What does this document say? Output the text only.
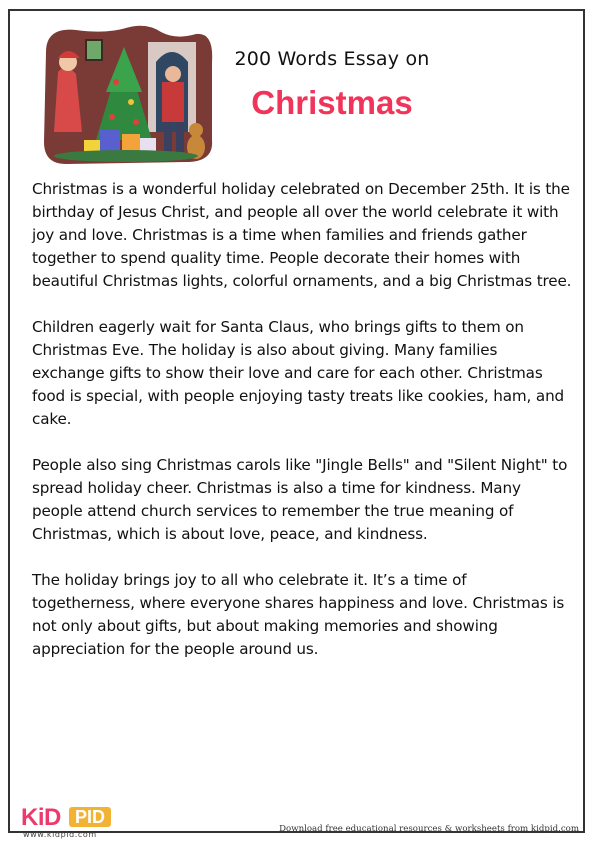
200 Words Essay on
Christmas

Christmas is a wonderful holiday celebrated on December 25th. It is the birthday of Jesus Christ, and people all over the world celebrate it with joy and love. Christmas is a time when families and friends gather together to spend quality time. People decorate their homes with beautiful Christmas lights, colorful ornaments, and a big Christmas tree.

Children eagerly wait for Santa Claus, who brings gifts to them on Christmas Eve. The holiday is also about giving. Many families exchange gifts to show their love and care for each other. Christmas food is special, with people enjoying tasty treats like cookies, ham, and cake.

People also sing Christmas carols like "Jingle Bells" and "Silent Night" to spread holiday cheer. Christmas is also a time for kindness. Many people attend church services to remember the true meaning of Christmas, which is about love, peace, and kindness.

The holiday brings joy to all who celebrate it. It’s a time of togetherness, where everyone shares happiness and love. Christmas is not only about gifts, but about making memories and showing appreciation for the people around us.

KiD PID
www.kidpid.com
Download free educational resources & worksheets from kidpid.com
